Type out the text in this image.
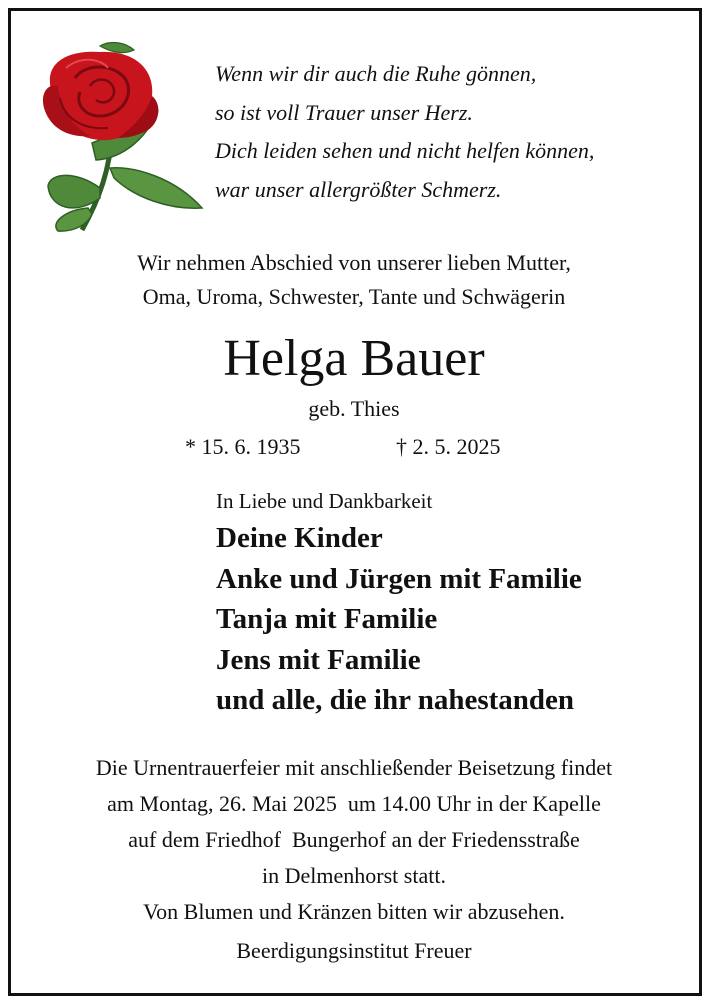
Wenn wir dir auch die Ruhe gönnen,
so ist voll Trauer unser Herz.
Dich leiden sehen und nicht helfen können,
war unser allergrößter Schmerz.
Wir nehmen Abschied von unserer lieben Mutter,
Oma, Uroma, Schwester, Tante und Schwägerin
Helga Bauer
geb. Thies
* 15. 6. 1935	† 2. 5. 2025
In Liebe und Dankbarkeit
Deine Kinder
Anke und Jürgen mit Familie
Tanja mit Familie
Jens mit Familie
und alle, die ihr nahestanden
Die Urnentrauerfeier mit anschließender Beisetzung findet
am Montag, 26. Mai 2025  um 14.00 Uhr in der Kapelle
auf dem Friedhof  Bungerhof an der Friedensstraße
in Delmenhorst statt.
Von Blumen und Kränzen bitten wir abzusehen.
Beerdigungsinstitut Freuer
